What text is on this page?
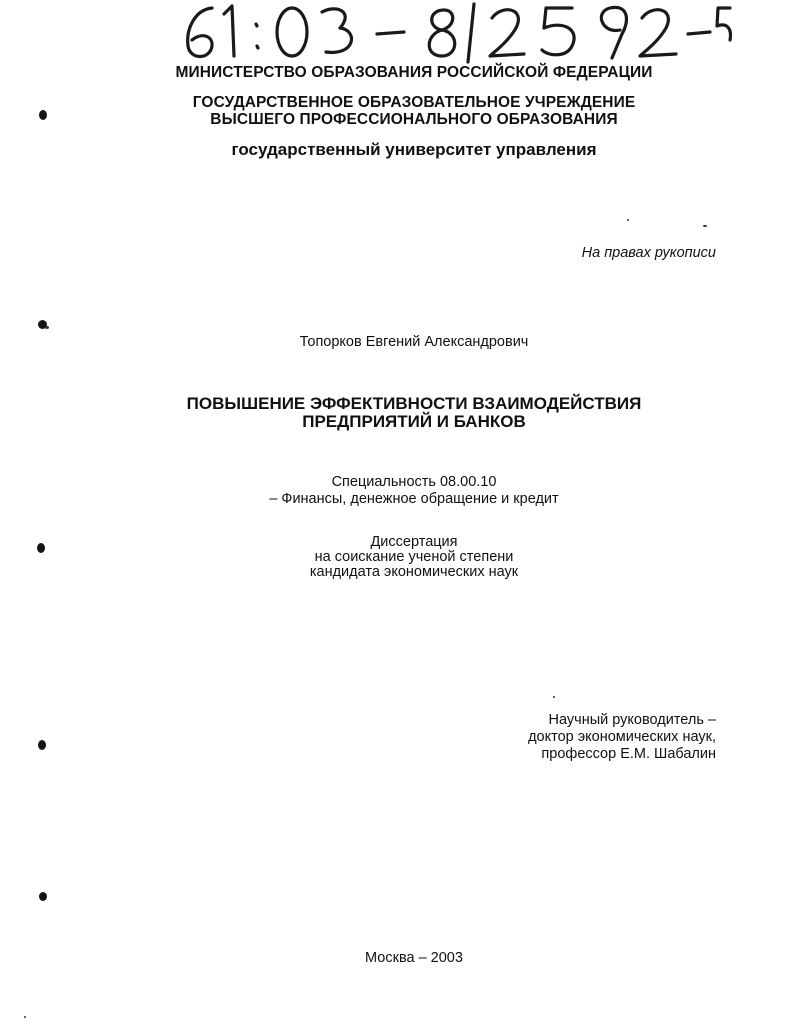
МИНИСТЕРСТВО ОБРАЗОВАНИЯ РОССИЙСКОЙ ФЕДЕРАЦИИ
ГОСУДАРСТВЕННОЕ ОБРАЗОВАТЕЛЬНОЕ УЧРЕЖДЕНИЕ
ВЫСШЕГО ПРОФЕССИОНАЛЬНОГО ОБРАЗОВАНИЯ
государственный университет управления
На правах рукописи
Топорков Евгений Александрович
ПОВЫШЕНИЕ ЭФФЕКТИВНОСТИ ВЗАИМОДЕЙСТВИЯ
ПРЕДПРИЯТИЙ И БАНКОВ
Специальность 08.00.10
– Финансы, денежное обращение и кредит
Диссертация
на соискание ученой степени
кандидата экономических наук
Научный руководитель –
доктор экономических наук,
профессор Е.М. Шабалин
Москва – 2003
